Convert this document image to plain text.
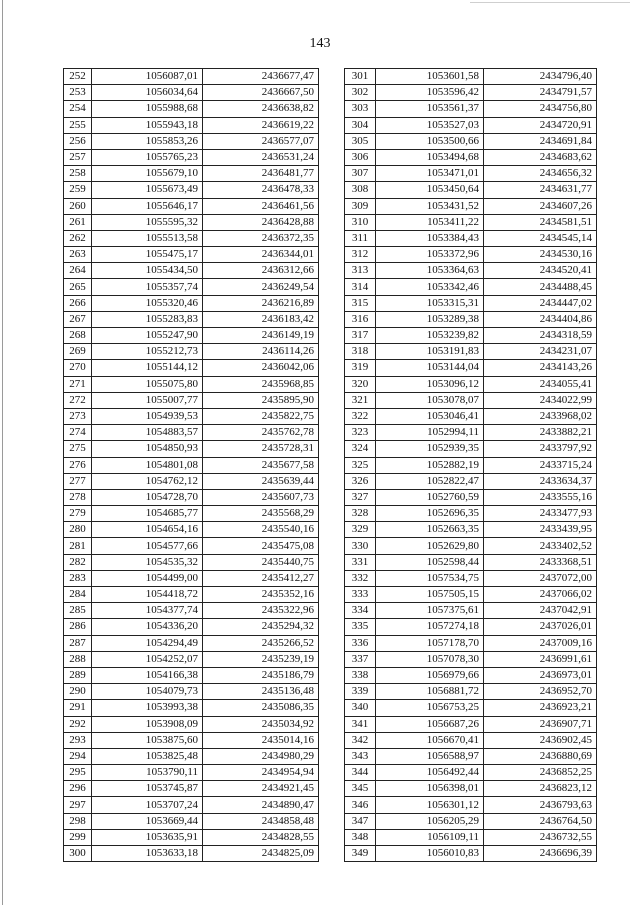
143
252	1056087,01	2436677,47
253	1056034,64	2436667,50
254	1055988,68	2436638,82
255	1055943,18	2436619,22
256	1055853,26	2436577,07
257	1055765,23	2436531,24
258	1055679,10	2436481,77
259	1055673,49	2436478,33
260	1055646,17	2436461,56
261	1055595,32	2436428,88
262	1055513,58	2436372,35
263	1055475,17	2436344,01
264	1055434,50	2436312,66
265	1055357,74	2436249,54
266	1055320,46	2436216,89
267	1055283,83	2436183,42
268	1055247,90	2436149,19
269	1055212,73	2436114,26
270	1055144,12	2436042,06
271	1055075,80	2435968,85
272	1055007,77	2435895,90
273	1054939,53	2435822,75
274	1054883,57	2435762,78
275	1054850,93	2435728,31
276	1054801,08	2435677,58
277	1054762,12	2435639,44
278	1054728,70	2435607,73
279	1054685,77	2435568,29
280	1054654,16	2435540,16
281	1054577,66	2435475,08
282	1054535,32	2435440,75
283	1054499,00	2435412,27
284	1054418,72	2435352,16
285	1054377,74	2435322,96
286	1054336,20	2435294,32
287	1054294,49	2435266,52
288	1054252,07	2435239,19
289	1054166,38	2435186,79
290	1054079,73	2435136,48
291	1053993,38	2435086,35
292	1053908,09	2435034,92
293	1053875,60	2435014,16
294	1053825,48	2434980,29
295	1053790,11	2434954,94
296	1053745,87	2434921,45
297	1053707,24	2434890,47
298	1053669,44	2434858,48
299	1053635,91	2434828,55
300	1053633,18	2434825,09
301	1053601,58	2434796,40
302	1053596,42	2434791,57
303	1053561,37	2434756,80
304	1053527,03	2434720,91
305	1053500,66	2434691,84
306	1053494,68	2434683,62
307	1053471,01	2434656,32
308	1053450,64	2434631,77
309	1053431,52	2434607,26
310	1053411,22	2434581,51
311	1053384,43	2434545,14
312	1053372,96	2434530,16
313	1053364,63	2434520,41
314	1053342,46	2434488,45
315	1053315,31	2434447,02
316	1053289,38	2434404,86
317	1053239,82	2434318,59
318	1053191,83	2434231,07
319	1053144,04	2434143,26
320	1053096,12	2434055,41
321	1053078,07	2434022,99
322	1053046,41	2433968,02
323	1052994,11	2433882,21
324	1052939,35	2433797,92
325	1052882,19	2433715,24
326	1052822,47	2433634,37
327	1052760,59	2433555,16
328	1052696,35	2433477,93
329	1052663,35	2433439,95
330	1052629,80	2433402,52
331	1052598,44	2433368,51
332	1057534,75	2437072,00
333	1057505,15	2437066,02
334	1057375,61	2437042,91
335	1057274,18	2437026,01
336	1057178,70	2437009,16
337	1057078,30	2436991,61
338	1056979,66	2436973,01
339	1056881,72	2436952,70
340	1056753,25	2436923,21
341	1056687,26	2436907,71
342	1056670,41	2436902,45
343	1056588,97	2436880,69
344	1056492,44	2436852,25
345	1056398,01	2436823,12
346	1056301,12	2436793,63
347	1056205,29	2436764,50
348	1056109,11	2436732,55
349	1056010,83	2436696,39
